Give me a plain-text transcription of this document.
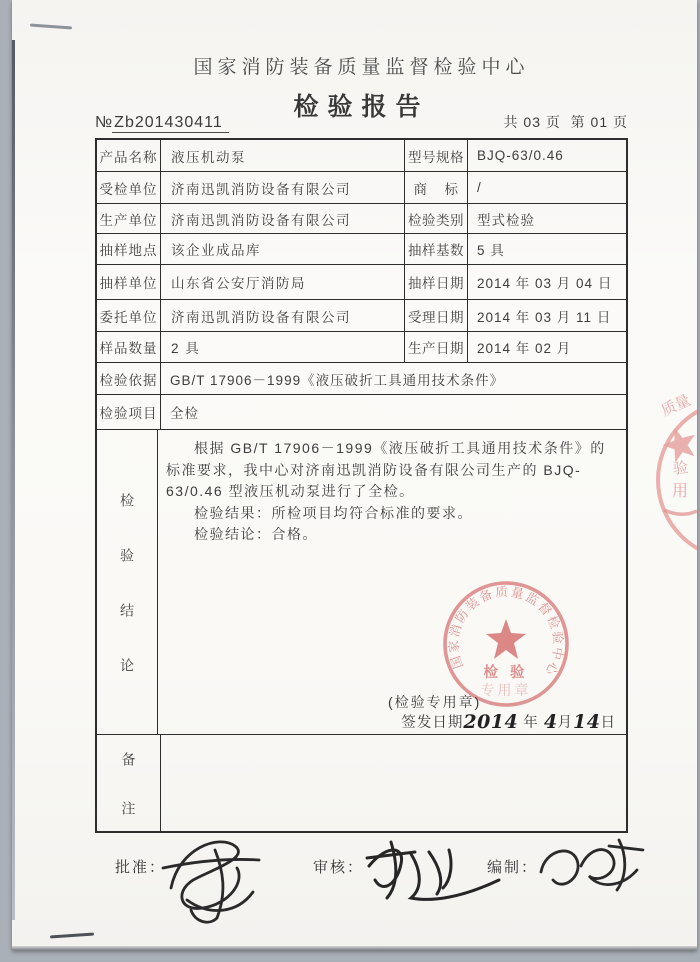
国家消防装备质量监督检验中心
检验报告
№ Zb201430411	共 03 页  第 01 页
产品名称	液压机动泵	型号规格 BJQ-63/0.46
受检单位	济南迅凯消防设备有限公司	商    标	/
生产单位	济南迅凯消防设备有限公司	检验类别 型式检验
抽样地点	该企业成品库	抽样基数 5 具
抽样单位	山东省公安厅消防局	抽样日期 2014 年 03 月 04 日
委托单位	济南迅凯消防设备有限公司	受理日期 2014 年 03 月 11 日
样品数量	2 具	生产日期 2014 年 02 月
检验依据 GB/T 17906－1999《液压破折工具通用技术条件》
检验项目 全检
检验结论

根据 GB/T 17906－1999《液压破折工具通用技术条件》的标准要求，我中心对济南迅凯消防设备有限公司生产的 BJQ-63/0.46 型液压机动泵进行了全检。

检验结果：所检项目均符合标准的要求。

检验结论：合格。

国家消防装备质量监督检验中心
检 验
专用章
(检验专用章)
签发日期2014 年 4月14日
备注
质量
验
用
批准：	审核：	编制：
